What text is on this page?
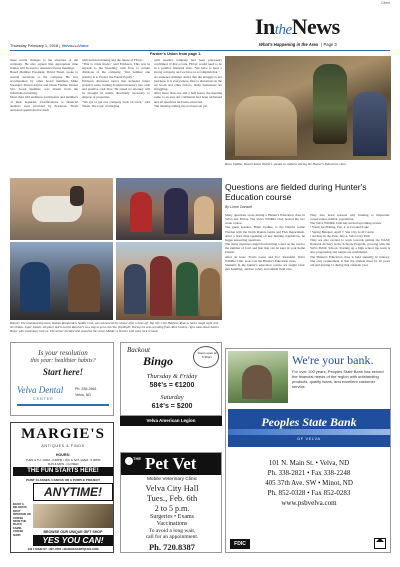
Client
IntheNews
What's Happening in the Area | Page 3
Thursday February 1, 2018 | VelvaareaVoice
Farmer's Union from page 1.
these recent changes to the structure of the company. He also agreed that appropriate time frames will be used to announce future meetings.
Board Member President, David Thom, spoke to current decisions to the company. He was accompanied by other board members Mike Sorenger, Shawn Kaylor and Owen Fiedler. Tanner Vix, board member, was absent from the information meeting.
More than 100 audience participants and members of their inquiries. Clarifications to financial auditors were provided by Erickson. Thom answered questions that dealt
with decision making and the future of FUGC.
"This is crisis mode," said Erickson. This was in regards to the 'bleeding' cash flow to certain divisions of the company. "Our number one priority is to Protect the Parent Equity."
Erickson discussed topics that included future property sales, turning dormant inventory into cash and positive cash flow. He stated no attorney will be brought in unless absolutely necessary to dispose of properties.
"We got to get our company back on track," said Thom. The topic of merging
with another company had been previously confirmed. If that occurs, FUGC would need to be in a positive financial state. "We have to have a strong company and we have to accomplish that."
As audience member stated that the struggle is not just here, it is everywhere. Due to alterations in the oil boom and other factors, many businesses are struggling.
After more than one and a half hours, the meeting came to an end. All comments had been addressed and all questions had been answered.
The meeting ending has not been set yet.
Rena Updike, Daniel Kelso Walters, speaks to students during the Hunter's Education class.
Questions are fielded during Hunter's Education course
By Linne Dansell
Many questions arose during a Hunter's Education class in Velva last Friday. The Velva Wildlife Club hosted the two week course.
The guest speaker, Brian Updike, is the District Game Warden with the North Dakota Game and Fish Department. After a brief time speaking on key hunting regulations, he began answering questions.
The many inquiries ranged from hitting a deer on the road to the number of fowl and fish that can be kept in your home freezer.
After an hour, Travis Lesse and D.J. Raasdahl, Velva Wildlife Club, took over the Hunter's Education class.
Students in the hunter's education course are taught basic gun handling, outdoor safety and animal field care.
They also learn reasons why hunting is important, conservation, habitat, population.
The Velva Wildlife Club has several upcoming events:
• Youth Ice Fishing, Feb. 4, at Crooked Lake
• Spring Banquet, April 7, Star City Golf Course
• Archery in the Park, July 4, Velva City Park
They are also excited to work towards getting the NASP, National Archery in the Schools Program, growing with the Velva Public School. Starting up a high school rap team is also progressing and ranges are established.
The Hunter's Education class is held annually in January. The only requirement is that the student must be 10 years old and turning 11 during that calendar year.
Bottom: The championship team, Dakota Roughriders Saddle Club, was announced the winner after a three-off. Top left: Clint Haldene, Ryan A. had a rough night with his rhodeo. Super Smash: 4th place tied it out the Rancher's as a step to get a red ride. Top Right: During the arm-wrestling final, Rick Jenkins, right, takes down Austin Heger with momentary lock on. The winner decided who would be the victor. Middle: a brother with some luck in hand.
Is your resolution
this year: healthier habits?
Start here!
Velva Dental
CENTER
Ph: 338-2661
Velva, ND
Backout
Bingo
Doors open at 5:30pm
Thursday & Friday
58¢'s = €1200
Saturday
61¢'s = $200
Velva American Legion
MARGIE'S
ANTIQUES & FINDS
HOURS:
TUES & TH: 10AM - 6:30PM • W,F & SAT: 10AM - 5:30PM
SUN & MON - CLOSED
THE FUN STARTS HERE!
PAINT CLASSES, CANVAS OR A PURPLE PROJECT
ANYTIME!
ENJOY A DELICIOUS FRUIT SMOOTHIE OR COFFEE FROM THE BLACK KAMEL COFFEE SHOP!
BROWSE OUR UNIQUE GIFT SHOP
YES YOU CAN!
139 1 MAIN ST • 897-4555 • MARGIESANTIQUES.COM
THE Pet Vet
Mobile Veterinary Clinic
Velva City Hall
Tues., Feb. 6th
2 to 5 p.m.
Surgeries • Exams
Vaccinations
To avoid a long wait,
call for an appointment.
Ph. 720.8387
We're your bank.
For over 100 years, Peoples State Bank has served the financial needs of the region with outstanding products, quality loans, and excellent customer service.
Peoples State Bank
OF VELVA
101 N. Main St. • Velva, ND
Ph. 338-2821 • Fax 338-2248
405 37th Ave. SW • Minot, ND
Ph. 852-0328 • Fax 852-0283
www.psbvelva.com
FDIC
